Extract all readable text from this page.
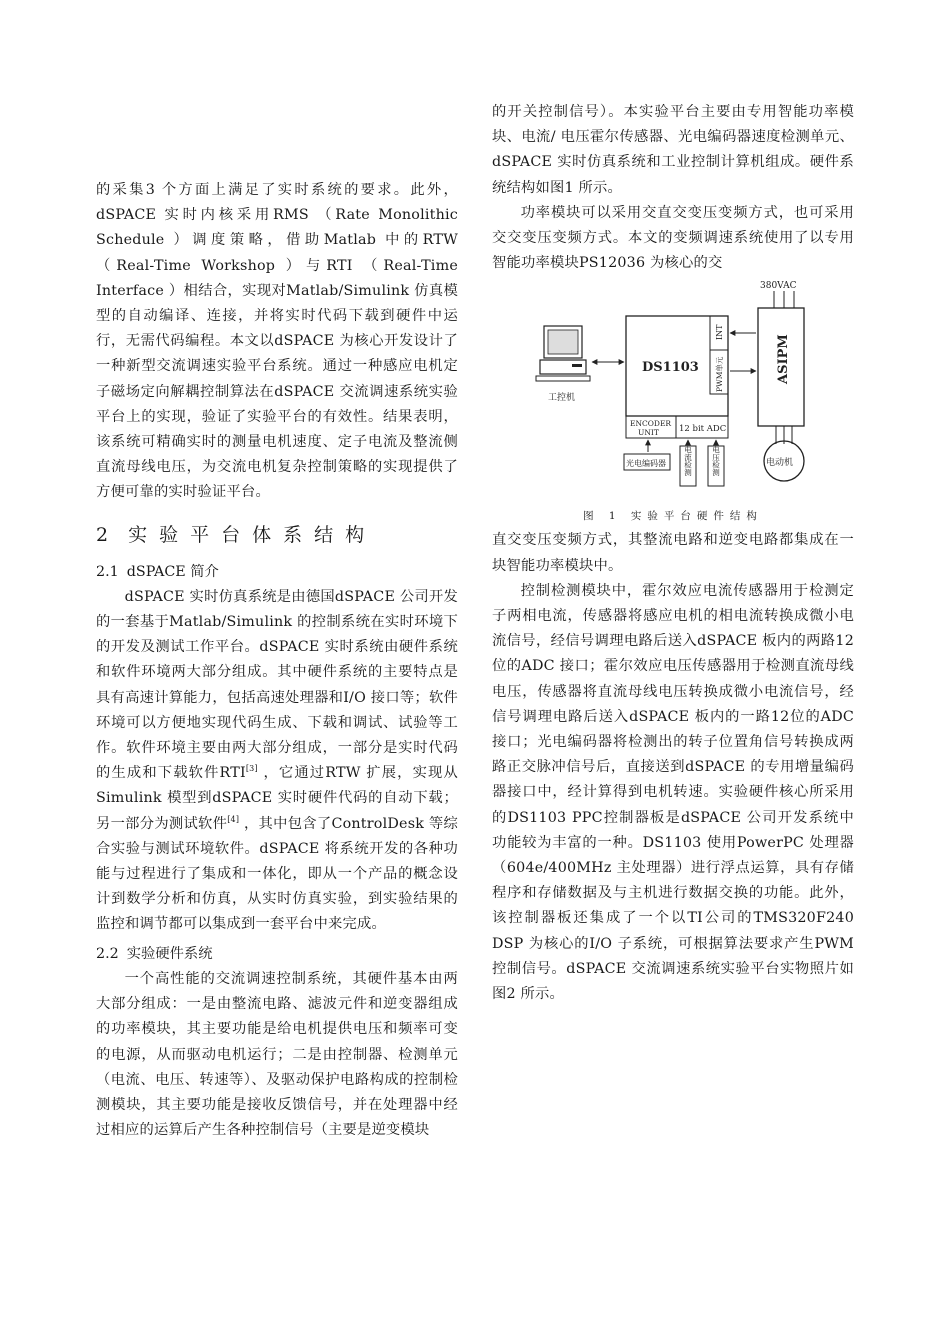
的采集3 个方面上满足了实时系统的要求。此外，dSPACE 实时内核采用RMS （Rate Monolithic Schedule ）调度策略，借助Matlab 中的RTW （Real-Time Workshop ）与RTI （Real-Time Interface ）相结合，实现对Matlab/Simulink 仿真模型的自动编译、连接，并将实时代码下载到硬件中运行，无需代码编程。本文以dSPACE 为核心开发设计了一种新型交流调速实验平台系统。通过一种感应电机定子磁场定向解耦控制算法在dSPACE 交流调速系统实验平台上的实现，验证了实验平台的有效性。结果表明，该系统可精确实时的测量电机速度、定子电流及整流侧直流母线电压，为交流电机复杂控制策略的实现提供了方便可靠的实时验证平台。

2 实验平台体系结构
2.1 dSPACE 简介

dSPACE 实时仿真系统是由德国dSPACE 公司开发的一套基于Matlab/Simulink 的控制系统在实时环境下的开发及测试工作平台。dSPACE 实时系统由硬件系统和软件环境两大部分组成。其中硬件系统的主要特点是具有高速计算能力，包括高速处理器和I/O 接口等；软件环境可以方便地实现代码生成、下载和调试、试验等工作。软件环境主要由两大部分组成，一部分是实时代码的生成和下载软件RTI[3] ，它通过RTW 扩展，实现从Simulink 模型到dSPACE 实时硬件代码的自动下载；另一部分为测试软件[4] ，其中包含了ControlDesk 等综合实验与测试环境软件。dSPACE 将系统开发的各种功能与过程进行了集成和一体化，即从一个产品的概念设计到数学分析和仿真，从实时仿真实验，到实验结果的监控和调节都可以集成到一套平台中来完成。

2.2 实验硬件系统

一个高性能的交流调速控制系统，其硬件基本由两大部分组成：一是由整流电路、滤波元件和逆变器组成的功率模块，其主要功能是给电机提供电压和频率可变的电源，从而驱动电机运行；二是由控制器、检测单元（电流、电压、转速等）、及驱动保护电路构成的控制检测模块，其主要功能是接收反馈信号，并在处理器中经过相应的运算后产生各种控制信号（主要是逆变模块

的开关控制信号）。本实验平台主要由专用智能功率模块、电流/ 电压霍尔传感器、光电编码器速度检测单元、dSPACE 实时仿真系统和工业控制计算机组成。硬件系统结构如图1 所示。

功率模块可以采用交直交变压变频方式，也可采用交交变压变频方式。本文的变频调速系统使用了以专用智能功率模块PS12036 为核心的交

380VAC
工控机
DS1103
INT
PWM单元
ENCODER
UNIT 12 bit ADC
ASIPM
电动机
光电编码器 电流检测	电压检测

图 1 实验平台硬件结构

直交变压变频方式，其整流电路和逆变电路都集成在一块智能功率模块中。

控制检测模块中，霍尔效应电流传感器用于检测定子两相电流，传感器将感应电机的相电流转换成微小电流信号，经信号调理电路后送入dSPACE 板内的两路12位的ADC 接口；霍尔效应电压传感器用于检测直流母线电压，传感器将直流母线电压转换成微小电流信号，经信号调理电路后送入dSPACE 板内的一路12位的ADC 接口；光电编码器将检测出的转子位置角信号转换成两路正交脉冲信号后，直接送到dSPACE 的专用增量编码器接口中，经计算得到电机转速。实验硬件核心所采用的DS1103 PPC控制器板是dSPACE 公司开发系统中功能较为丰富的一种。DS1103 使用PowerPC 处理器（604e/400MHz 主处理器）进行浮点运算，具有存储程序和存储数据及与主机进行数据交换的功能。此外，该控制器板还集成了一个以TI公司的TMS320F240 DSP 为核心的I/O 子系统，可根据算法要求产生PWM 控制信号。dSPACE 交流调速系统实验平台实物照片如图2 所示。
